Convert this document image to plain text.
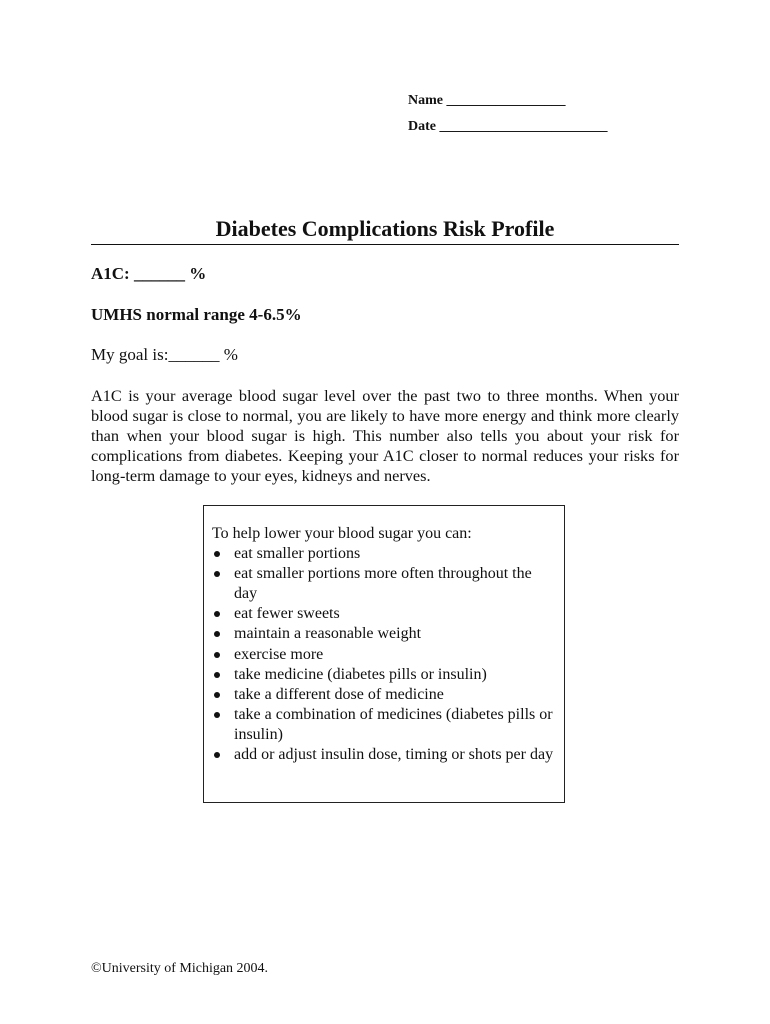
Name _________________
Date ________________________
Diabetes Complications Risk Profile
A1C: ______ %
UMHS normal range 4-6.5%
My goal is:______ %

A1C is your average blood sugar level over the past two to three months. When your blood sugar is close to normal, you are likely to have more energy and think more clearly than when your blood sugar is high. This number also tells you about your risk for complications from diabetes. Keeping your A1C closer to normal reduces your risks for long-term damage to your eyes, kidneys and nerves.

To help lower your blood sugar you can:
eat smaller portions
eat smaller portions more often throughout the day
eat fewer sweets
maintain a reasonable weight
exercise more
take medicine (diabetes pills or insulin)
take a different dose of medicine
take a combination of medicines (diabetes pills or insulin)
add or adjust insulin dose, timing or shots per day
©University of Michigan 2004.
